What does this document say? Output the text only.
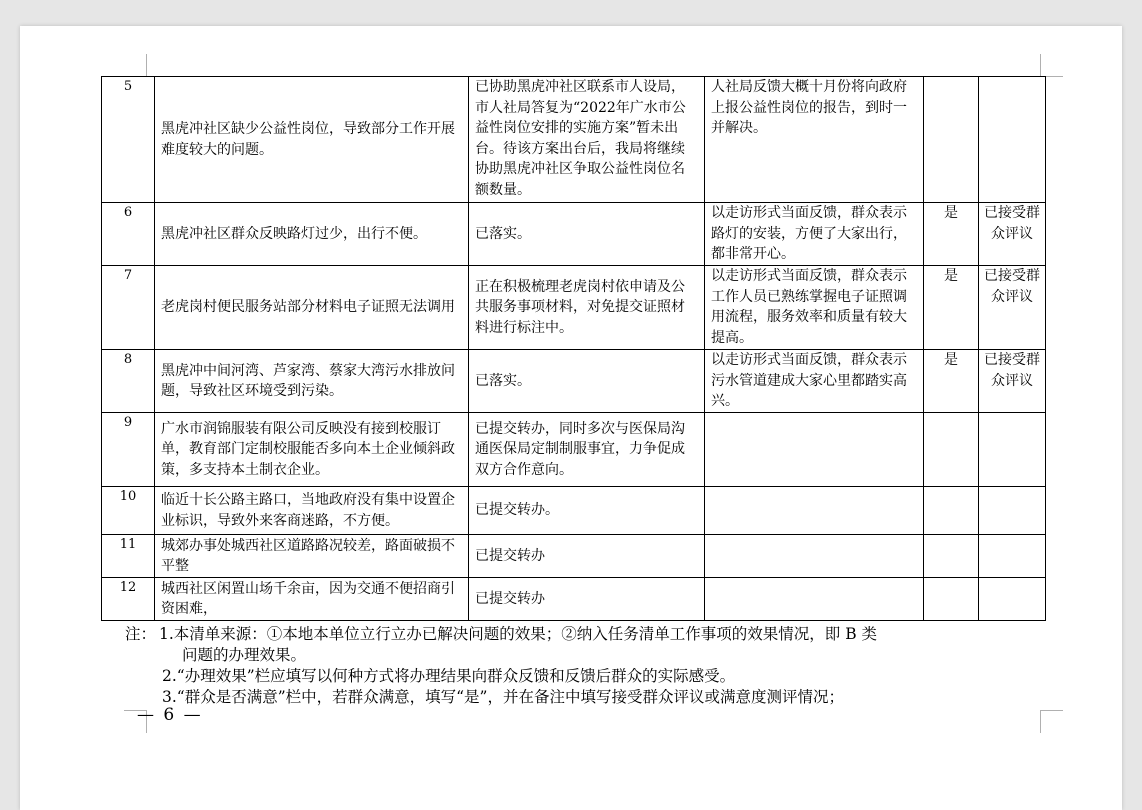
5	黑虎冲社区缺少公益性岗位，导致部分工作开展难度较大的问题。	已协助黑虎冲社区联系市人设局，市人社局答复为“2022年广水市公益性岗位安排的实施方案”暂未出台。待该方案出台后，我局将继续协助黑虎冲社区争取公益性岗位名额数量。	人社局反馈大概十月份将向政府上报公益性岗位的报告，到时一并解决。		
6	黑虎冲社区群众反映路灯过少，出行不便。	已落实。	以走访形式当面反馈，群众表示路灯的安装，方便了大家出行，都非常开心。	是	已接受群众评议
7	老虎岗村便民服务站部分材料电子证照无法调用	正在积极梳理老虎岗村依申请及公共服务事项材料，对免提交证照材料进行标注中。	以走访形式当面反馈，群众表示工作人员已熟练掌握电子证照调用流程，服务效率和质量有较大提高。	是	已接受群众评议
8	黑虎冲中间河湾、芦家湾、蔡家大湾污水排放问题，导致社区环境受到污染。	已落实。	以走访形式当面反馈，群众表示污水管道建成大家心里都踏实高兴。	是	已接受群众评议
9	广水市润锦服装有限公司反映没有接到校服订单，教育部门定制校服能否多向本土企业倾斜政策，多支持本土制衣企业。	已提交转办，同时多次与医保局沟通医保局定制制服事宜，力争促成双方合作意向。			
10	临近十长公路主路口，当地政府没有集中设置企业标识，导致外来客商迷路，不方便。	已提交转办。			
11	城郊办事处城西社区道路路况较差，路面破损不平整	已提交转办			
12	城西社区闲置山场千余亩，因为交通不便招商引资困难，	已提交转办			
注： 1.本清单来源：①本地本单位立行立办已解决问题的效果；②纳入任务清单工作事项的效果情况，即 B 类
问题的办理效果。
2.“办理效果”栏应填写以何种方式将办理结果向群众反馈和反馈后群众的实际感受。
3.“群众是否满意”栏中，若群众满意，填写“是”，并在备注中填写接受群众评议或满意度测评情况；
— 6 —
